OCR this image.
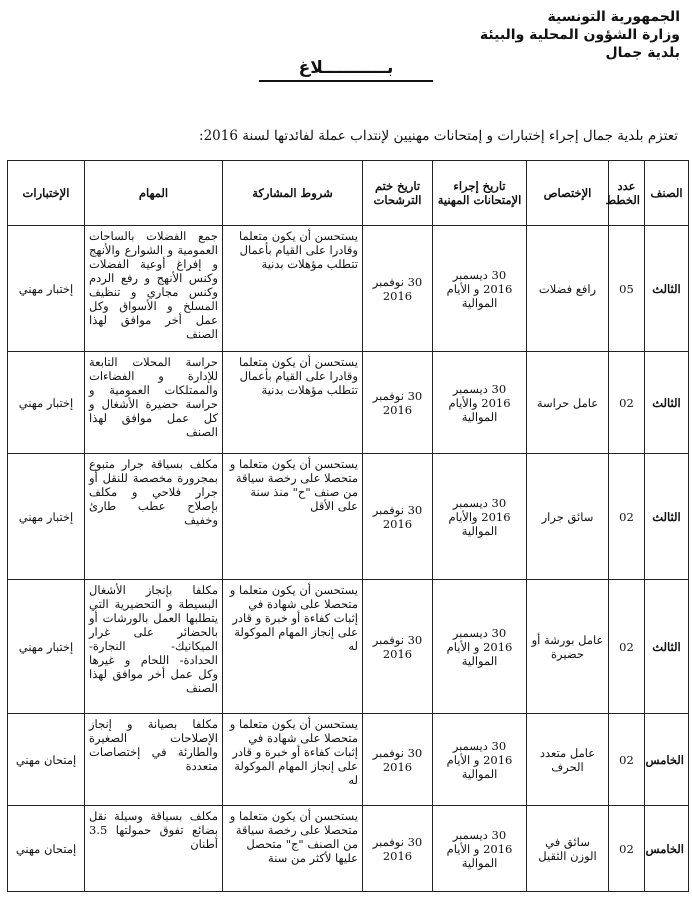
الجمهورية التونسية
وزارة الشؤون المحلية والبيئة
بلدية جمال
بـــــــــــلاغ
تعتزم بلدية جمال إجراء إختبارات و إمتحانات مهنيين لإنتداب عملة لفائدتها لسنة 2016:
الصنف	عدد الخطط	الإختصاص	تاريخ إجراء الإمتحانات المهنية	تاريخ ختم الترشحات	شروط المشاركة	المهام	الإختبارات
الثالث	05	رافع فضلات	30 ديسمبر 2016 و الأيام الموالية	30 نوفمبر 2016	يستحسن أن يكون متعلما وقادرا على القيام بأعمال تتطلب مؤهلات بدنية	جمع الفضلات بالساحات العمومية و الشوارع والأنهج و إفراغ أوعية الفضلات وكنس الأنهج و رفع الردم وكنس مجاري و تنظيف المسلخ و الأسواق وكل عمل أخر موافق لهذا الصنف	إختبار مهني
الثالث	02	عامل حراسة	30 ديسمبر 2016 والأيام الموالية	30 نوفمبر 2016	يستحسن أن يكون متعلما وقادرا على القيام بأعمال تتطلب مؤهلات بدنية	حراسة المحلات التابعة للإدارة و الفضاءات والممتلكات العمومية و حراسة حضيرة الأشغال و كل عمل موافق لهذا الصنف	إختبار مهني
الثالث	02	سائق جرار	30 ديسمبر 2016 والأيام الموالية	30 نوفمبر 2016	يستحسن أن يكون متعلما و متحصلا على رخصة سياقة من صنف "ح" منذ سنة على الأقل	مكلف بسياقة جرار متبوع بمجرورة مخصصة للنقل أو جرار فلاحي و مكلف بإصلاح عطب طارئ وخفيف	إختبار مهني
الثالث	02	عامل بورشة أو حضيرة	30 ديسمبر 2016 و الأيام الموالية	30 نوفمبر 2016	يستحسن أن يكون متعلما و متحصلا على شهادة في إثبات كفاءة أو خبرة و قادر على إنجاز المهام الموكولة له	مكلفا بإنجاز الأشغال البسيطة و التحضيرية التي يتطلبها العمل بالورشات أو بالحضائر على غرار الميكانيك- النجارة- الحدادة- اللحام و غيرها وكل عمل أخر موافق لهذا الصنف	إختبار مهني
الخامس	02	عامل متعدد الحرف	30 ديسمبر 2016 و الأيام الموالية	30 نوفمبر 2016	يستحسن أن يكون متعلما و متحصلا على شهادة في إثبات كفاءة أو خبرة و قادر على إنجاز المهام الموكولة له	مكلفا بصيانة و إنجاز الإصلاحات الصغيرة والطارئة في إختصاصات متعددة	إمتحان مهني
الخامس	02	سائق في الوزن الثقيل	30 ديسمبر 2016 و الأيام الموالية	30 نوفمبر 2016	يستحسن أن يكون متعلما و متحصلا على رخصة سياقة من الصنف "ج" متحصل عليها لأكثر من سنة	مكلف بسياقة وسيلة نقل بضائع تفوق حمولتها 3.5 أطنان	إمتحان مهني
